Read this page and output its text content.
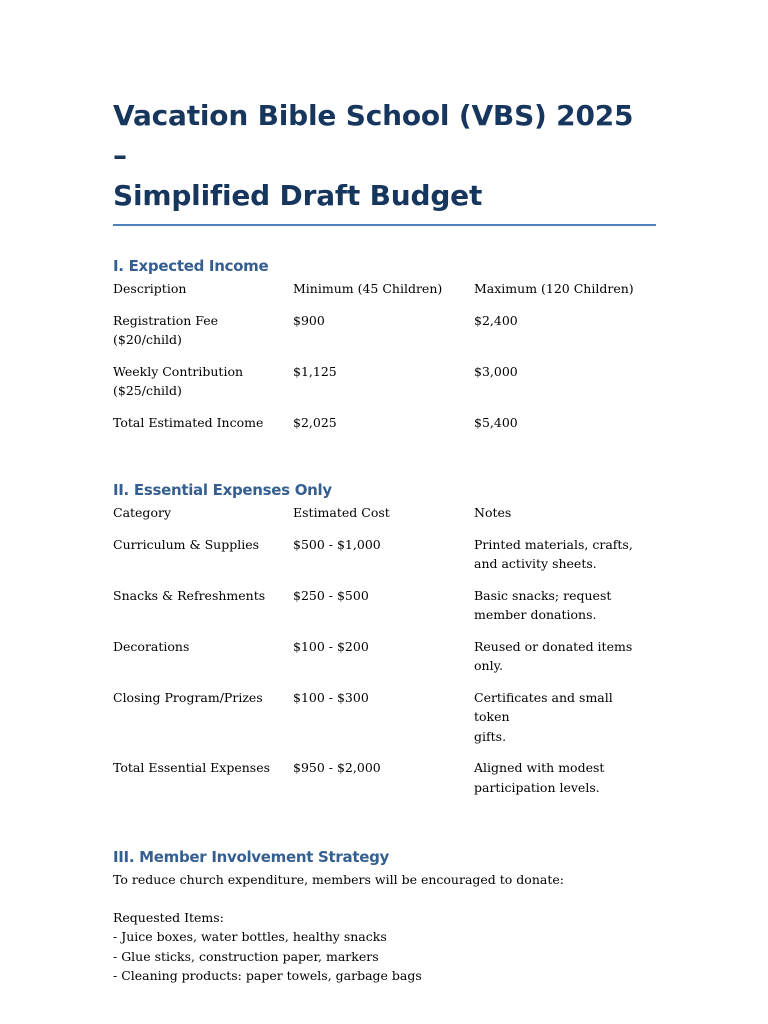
Vacation Bible School (VBS) 2025 –
Simplified Draft Budget
I. Expected Income
Description	Minimum (45 Children)	Maximum (120 Children)
Registration Fee
($20/child)	$900	$2,400
Weekly Contribution
($25/child)	$1,125	$3,000
Total Estimated Income	$2,025	$5,400
II. Essential Expenses Only
Category	Estimated Cost	Notes
Curriculum & Supplies	$500 - $1,000	Printed materials, crafts,
and activity sheets.
Snacks & Refreshments	$250 - $500	Basic snacks; request
member donations.
Decorations	$100 - $200	Reused or donated items
only.
Closing Program/Prizes	$100 - $300	Certificates and small token
gifts.
Total Essential Expenses	$950 - $2,000	Aligned with modest
participation levels.
III. Member Involvement Strategy

To reduce church expenditure, members will be encouraged to donate:

Requested Items:
- Juice boxes, water bottles, healthy snacks
- Glue sticks, construction paper, markers
- Cleaning products: paper towels, garbage bags
